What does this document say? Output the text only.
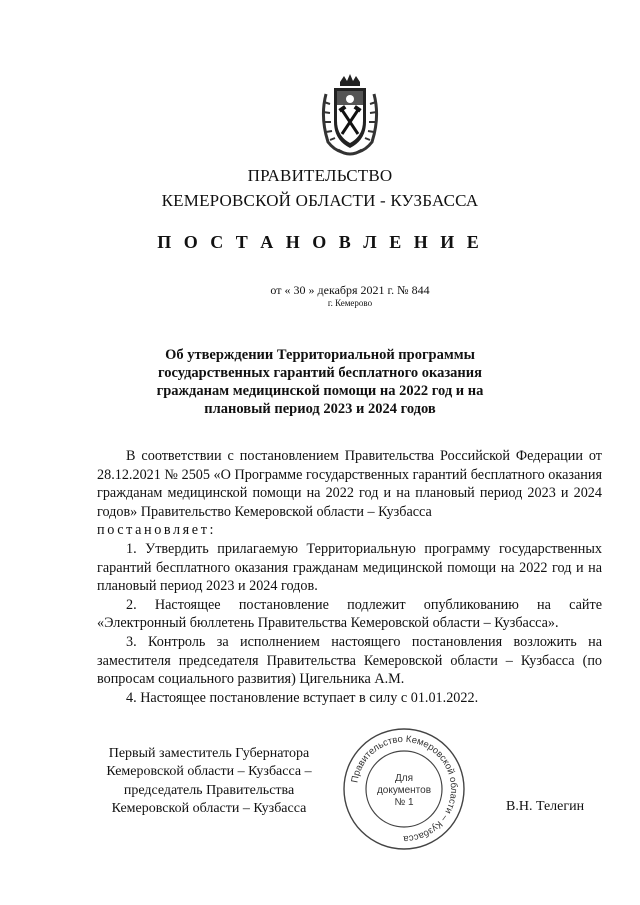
ПРАВИТЕЛЬСТВО
КЕМЕРОВСКОЙ ОБЛАСТИ - КУЗБАССА
П О С Т А Н О В Л Е Н И Е
от « 30 » декабря 2021 г. № 844
г. Кемерово
Об утверждении Территориальной программы
государственных гарантий бесплатного оказания
гражданам медицинской помощи на 2022 год и на
плановый период 2023 и 2024 годов

В соответствии с постановлением Правительства Российской Федерации от 28.12.2021 № 2505 «О Программе государственных гарантий бесплатного оказания гражданам медицинской помощи на 2022 год и на плановый период 2023 и 2024 годов» Правительство Кемеровской области – Кузбасса

постановляет:

1. Утвердить прилагаемую Территориальную программу государственных гарантий бесплатного оказания гражданам медицинской помощи на 2022 год и на плановый период 2023 и 2024 годов.

2. Настоящее постановление подлежит опубликованию на сайте «Электронный бюллетень Правительства Кемеровской области – Кузбасса».

3. Контроль за исполнением настоящего постановления возложить на заместителя председателя Правительства Кемеровской области – Кузбасса (по вопросам социального развития) Цигельника А.М.

4. Настоящее постановление вступает в силу с 01.01.2022.

Первый заместитель Губернатора
Кемеровской области – Кузбасса –
председатель Правительства
Кемеровской области – Кузбасса
Правительство Кемеровской области – Кузбасса
Для
документов
№ 1	В.Н. Телегин
